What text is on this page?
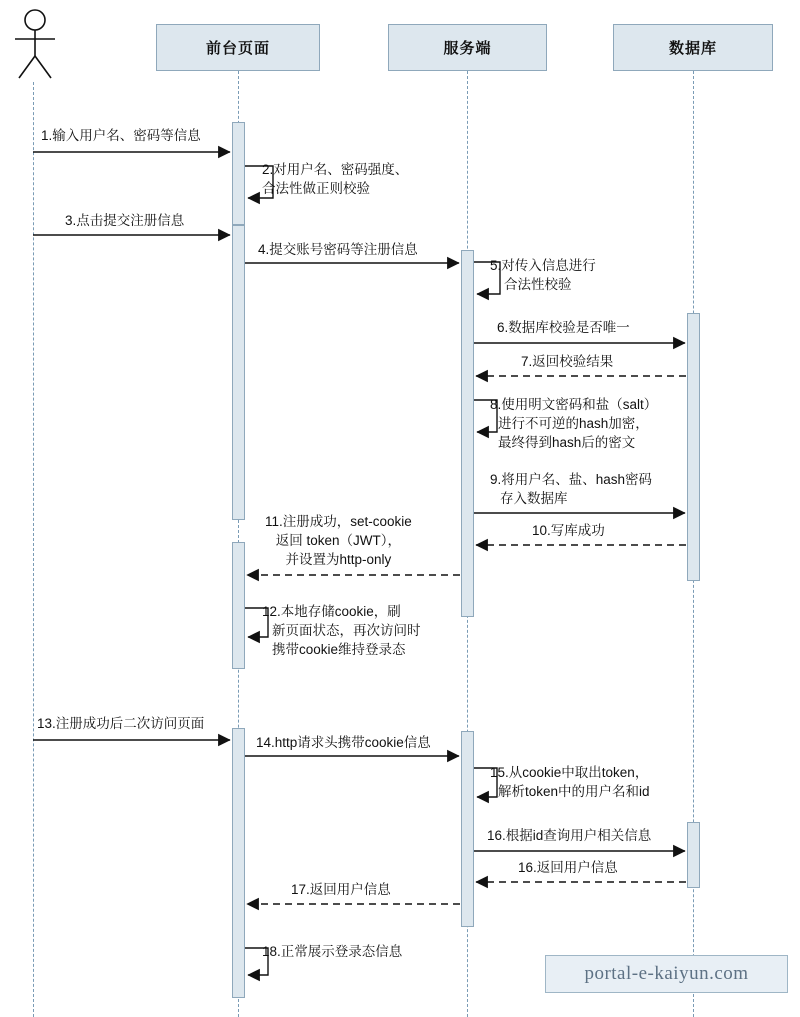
前台页面	服务端	数据库
1.输入用户名、密码等信息
2.对用户名、密码强度、
合法性做正则校验
3.点击提交注册信息
4.提交账号密码等注册信息
5.对传入信息进行
合法性校验
6.数据库校验是否唯一
7.返回校验结果
8.使用明文密码和盐（salt）
进行不可逆的hash加密，
最终得到hash后的密文
9.将用户名、盐、hash密码
存入数据库
10.写库成功
11.注册成功，set-cookie
返回 token（JWT），
并设置为http-only
12.本地存储cookie，刷
新页面状态，再次访问时
携带cookie维持登录态
13.注册成功后二次访问页面
14.http请求头携带cookie信息
15.从cookie中取出token，
解析token中的用户名和id
16.根据id查询用户相关信息
16.返回用户信息
17.返回用户信息
18.正常展示登录态信息
portal-e-kaiyun.com
